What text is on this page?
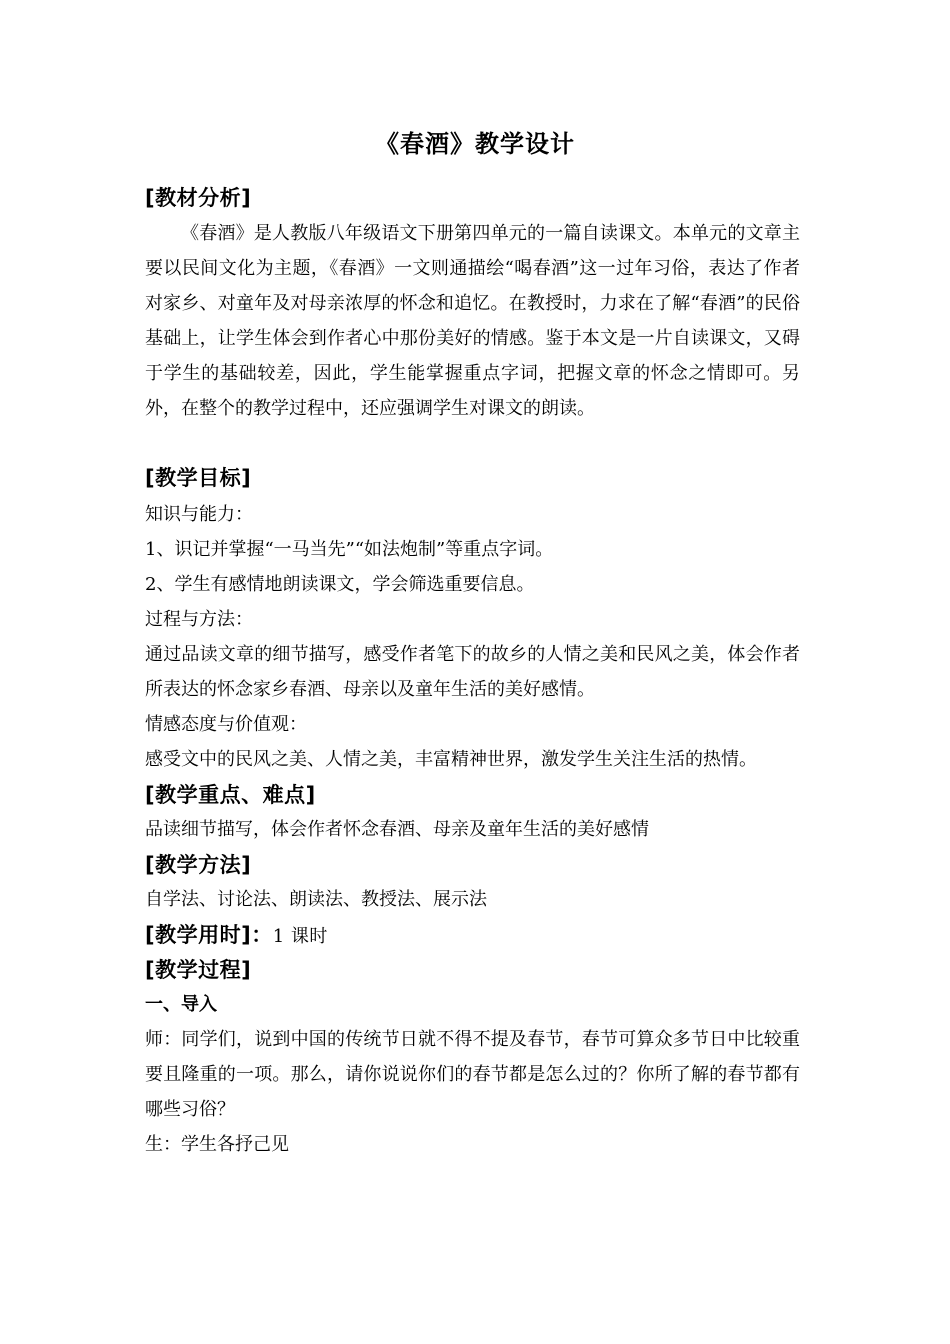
《春酒》教学设计
[教材分析]
《春酒》是人教版八年级语文下册第四单元的一篇自读课文。本单元的文章主要以民间文化为主题，《春酒》一文则通描绘“喝春酒”这一过年习俗，表达了作者对家乡、对童年及对母亲浓厚的怀念和追忆。在教授时，力求在了解“春酒”的民俗基础上，让学生体会到作者心中那份美好的情感。鉴于本文是一片自读课文，又碍于学生的基础较差，因此，学生能掌握重点字词，把握文章的怀念之情即可。另外，在整个的教学过程中，还应强调学生对课文的朗读。
[教学目标]
知识与能力：
1、识记并掌握“一马当先”“如法炮制”等重点字词。
2、学生有感情地朗读课文，学会筛选重要信息。
过程与方法：
通过品读文章的细节描写，感受作者笔下的故乡的人情之美和民风之美，体会作者所表达的怀念家乡春酒、母亲以及童年生活的美好感情。
情感态度与价值观：
感受文中的民风之美、人情之美，丰富精神世界，激发学生关注生活的热情。
[教学重点、难点]
品读细节描写，体会作者怀念春酒、母亲及童年生活的美好感情
[教学方法]
自学法、讨论法、朗读法、教授法、展示法
[教学用时]：1 课时
[教学过程]
一、导入
师：同学们，说到中国的传统节日就不得不提及春节，春节可算众多节日中比较重要且隆重的一项。那么，请你说说你们的春节都是怎么过的？你所了解的春节都有哪些习俗？
生：学生各抒己见
